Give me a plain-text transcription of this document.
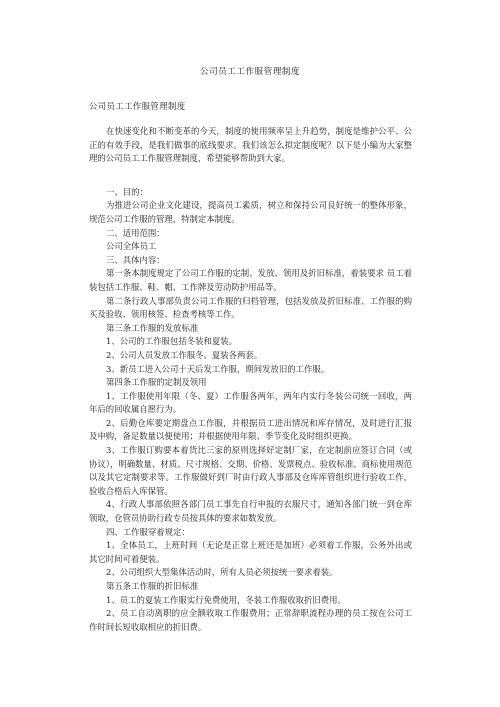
公司员工工作服管理制度
公司员工工作服管理制度

在快速变化和不断变革的今天，制度的使用频率呈上升趋势，制度是维护公平、公正的有效手段，是我们做事的底线要求。我们该怎么拟定制度呢？以下是小编为大家整理的公司员工工作服管理制度，希望能够帮助到大家。

一、目的：

为推进公司企业文化建设，提高员工素质，树立和保持公司良好统一的整体形象，规范公司工作服的管理，特制定本制度。

二、适用范围：

公司全体员工

三、具体内容：

第一条本制度规定了公司工作服的定制、发放、领用及折旧标准，着装要求 员工着装包括工作服、鞋、帽、工作牌及劳动防护用品等。

第二条行政人事部负责公司工作服的归档管理，包括发放及折旧标准、工作服的购买及验收、领用核签、检查考核等工作。

第三条工作服的发放标准

1、公司的工作服包括冬装和夏装。

2、公司人员发放工作服冬、夏装各两套。

3、新员工进入公司十天后发工作服，期间发放旧的工作服。

第四条工作服的定制及领用

1、工作服使用年限（冬、夏）工作服各两年，两年内实行冬装公司统一回收，两年后的回收属自愿行为。

2、后勤仓库要定期盘点工作服，并根据员工进出情况和库存情况，及时进行汇报及申购，备足数量以便使用；并根据使用年限、季节变化及时组织更换。

3、工作服订购要本着货比三家的原则选择好定制厂家，在定制前应签订合同（或协议），明确数量、材质、尺寸规格、交期、价格、发票税点、验收标准、商标使用规范以及其它定制要求等。工作服做好到厂时由行政人事部及仓库库管组织进行验收工作，验收合格后入库保管。

4、行政人事部依照各部门员工事先自行申报的衣服尺寸，通知各部门统一到仓库领取，仓管员协助行政专员按具体的要求如数发放。

四、工作服穿着规定：

1、全体员工，上班时间（无论是正常上班还是加班）必须着工作服，公务外出或其它时间可着便装。

2、公司组织大型集体活动时，所有人员必须按统一要求着装。

第五条工作服的折旧标准

1、员工的夏装工作服实行免费使用，冬装工作服收取折旧费用。

2、员工自动离职的应全额收取工作服费用；正常辞职流程办理的员工按在公司工作时间长短收取相应的折旧费。
